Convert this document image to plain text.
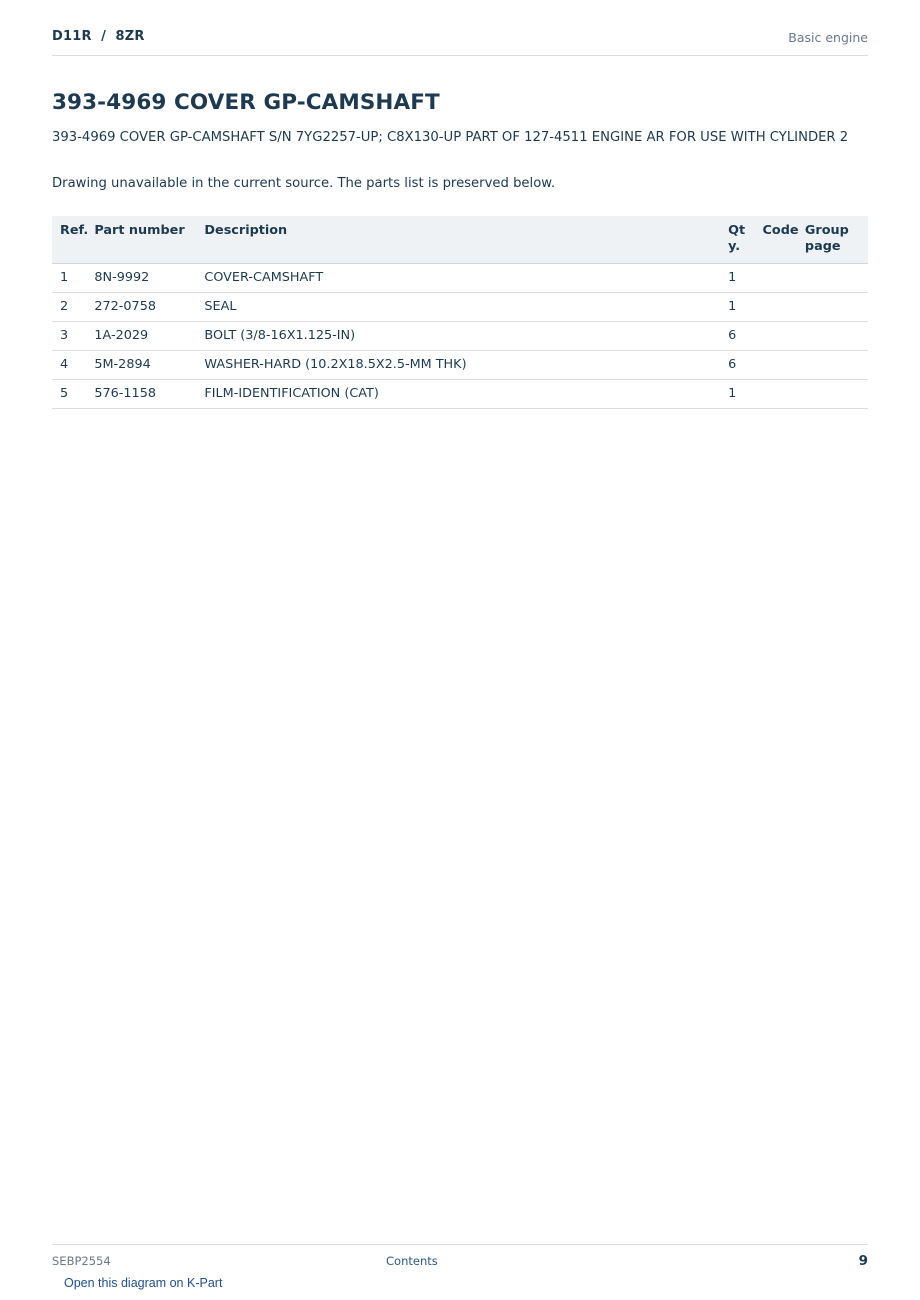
D11R  /  8ZR	Basic engine
393-4969 COVER GP-CAMSHAFT
393-4969 COVER GP-CAMSHAFT S/N 7YG2257-UP; C8X130-UP PART OF 127-4511 ENGINE AR FOR USE WITH CYLINDER 2
Drawing unavailable in the current source. The parts list is preserved below.
Ref.	Part number	Description	Qty.	Code	Group page
1	8N-9992	COVER-CAMSHAFT	1		
2	272-0758	SEAL	1		
3	1A-2029	BOLT (3/8-16X1.125-IN)	6		
4	5M-2894	WASHER-HARD (10.2X18.5X2.5-MM THK)	6		
5	576-1158	FILM-IDENTIFICATION (CAT)	1		
SEBP2554	Contents	9
Open this diagram on K-Part
